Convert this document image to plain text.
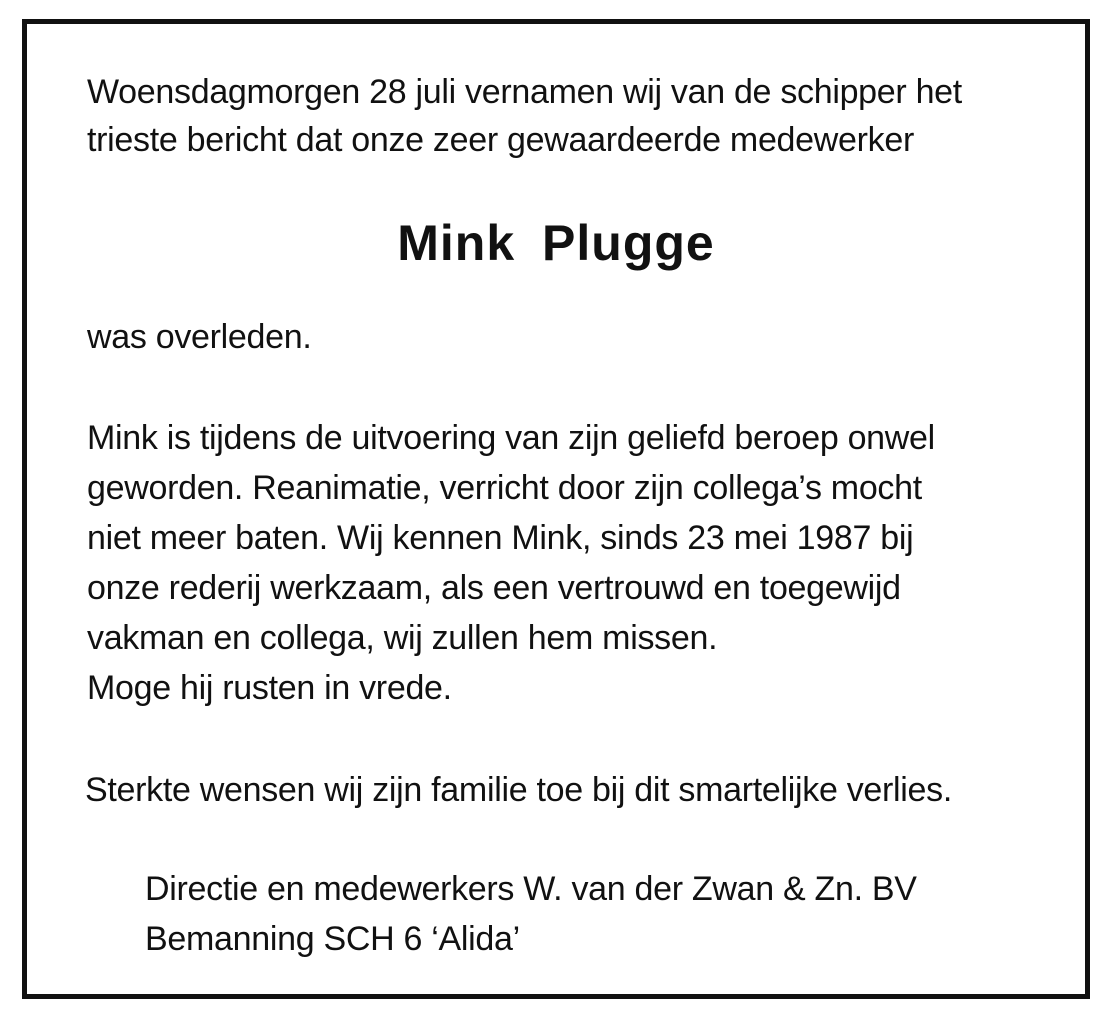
Woensdagmorgen 28 juli vernamen wij van de schipper het
trieste bericht dat onze zeer gewaardeerde medewerker
Mink Plugge
was overleden.
Mink is tijdens de uitvoering van zijn geliefd beroep onwel
geworden. Reanimatie, verricht door zijn collega’s mocht
niet meer baten. Wij kennen Mink, sinds 23 mei 1987 bij
onze rederij werkzaam, als een vertrouwd en toegewijd
vakman en collega, wij zullen hem missen.
Moge hij rusten in vrede.
Sterkte wensen wij zijn familie toe bij dit smartelijke verlies.
Directie en medewerkers W. van der Zwan & Zn. BV
Bemanning SCH 6 ‘Alida’
